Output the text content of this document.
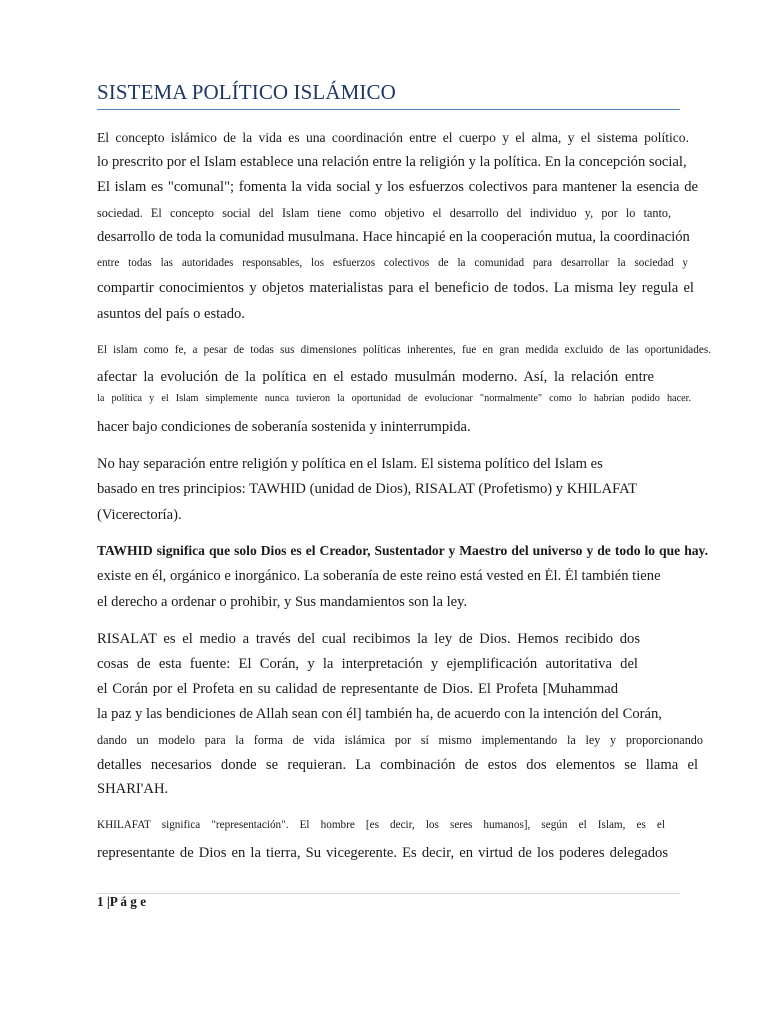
SISTEMA POLÍTICO ISLÁMICO
El concepto islámico de la vida es una coordinación entre el cuerpo y el alma, y el sistema político.
lo prescrito por el Islam establece una relación entre la religión y la política. En la concepción social,
El islam es "comunal"; fomenta la vida social y los esfuerzos colectivos para mantener la esencia de
sociedad. El concepto social del Islam tiene como objetivo el desarrollo del individuo y, por lo tanto,
desarrollo de toda la comunidad musulmana. Hace hincapié en la cooperación mutua, la coordinación
entre todas las autoridades responsables, los esfuerzos colectivos de la comunidad para desarrollar la sociedad y
compartir conocimientos y objetos materialistas para el beneficio de todos. La misma ley regula el
asuntos del país o estado.
El islam como fe, a pesar de todas sus dimensiones políticas inherentes, fue en gran medida excluido de las oportunidades.
afectar la evolución de la política en el estado musulmán moderno. Así, la relación entre
la política y el Islam simplemente nunca tuvieron la oportunidad de evolucionar "normalmente" como lo habrían podido hacer.
hacer bajo condiciones de soberanía sostenida y ininterrumpida.
No hay separación entre religión y política en el Islam. El sistema político del Islam es
basado en tres principios: TAWHID (unidad de Dios), RISALAT (Profetismo) y KHILAFAT
(Vicerectoría).
TAWHID significa que solo Dios es el Creador, Sustentador y Maestro del universo y de todo lo que hay.
existe en él, orgánico e inorgánico. La soberanía de este reino está vested en Él. Él también tiene
el derecho a ordenar o prohibir, y Sus mandamientos son la ley.
RISALAT es el medio a través del cual recibimos la ley de Dios. Hemos recibido dos
cosas de esta fuente: El Corán, y la interpretación y ejemplificación autoritativa del
el Corán por el Profeta en su calidad de representante de Dios. El Profeta [Muhammad
la paz y las bendiciones de Allah sean con él] también ha, de acuerdo con la intención del Corán,
dando un modelo para la forma de vida islámica por sí mismo implementando la ley y proporcionando
detalles necesarios donde se requieran. La combinación de estos dos elementos se llama el
SHARI'AH.
KHILAFAT significa "representación". El hombre [es decir, los seres humanos], según el Islam, es el
representante de Dios en la tierra, Su vicegerente. Es decir, en virtud de los poderes delegados
1 |P á g e
